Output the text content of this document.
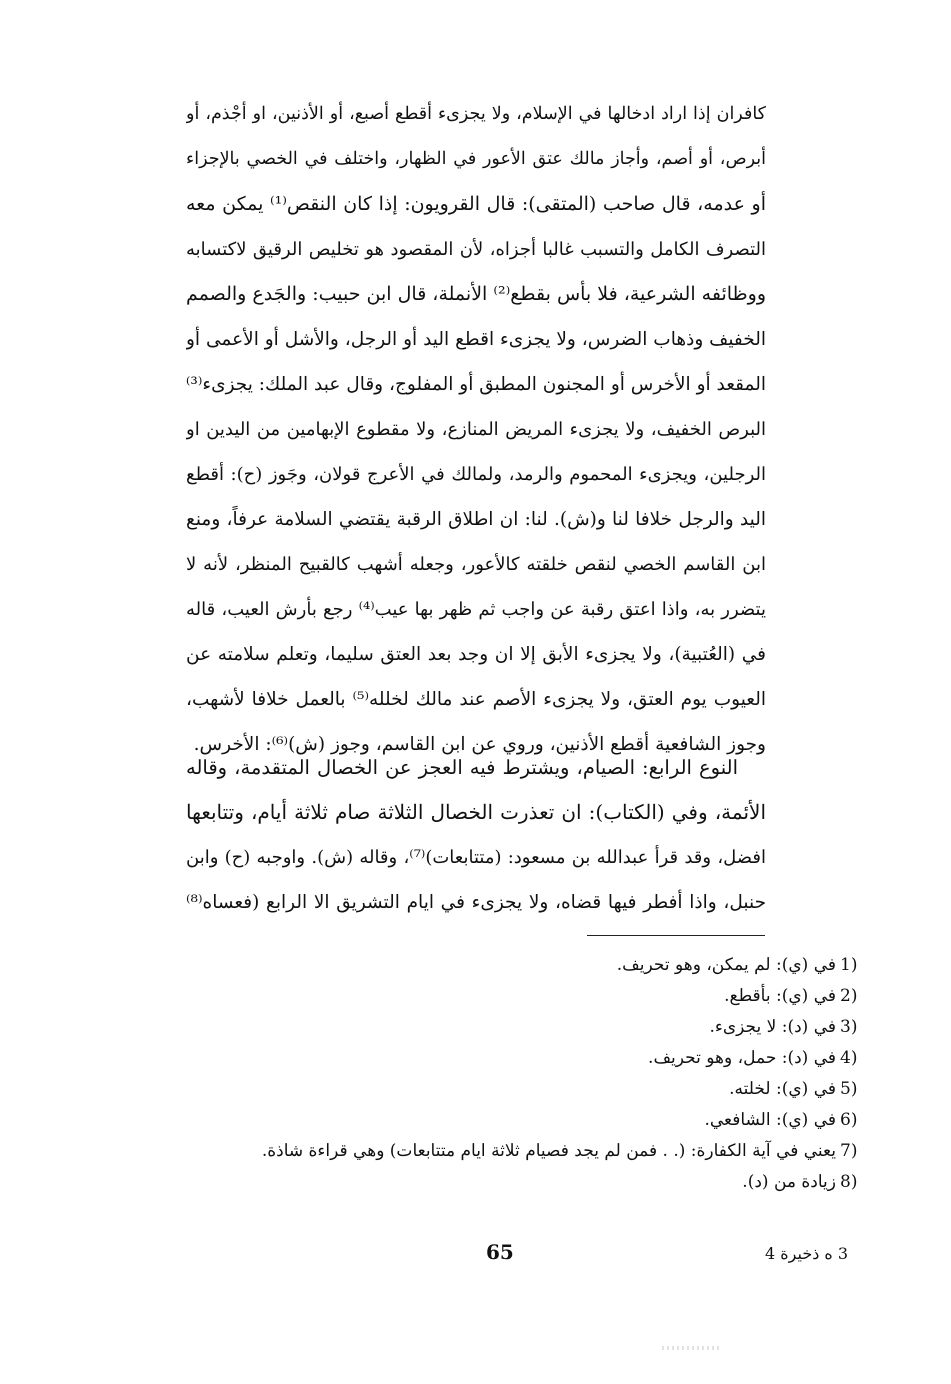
كافران إذا اراد ادخالها في الإسلام، ولا يجزىء أقطع أصبع، أو الأذنين، او أجْذم، أو
أبرص، أو أصم، وأجاز مالك عتق الأعور في الظهار، واختلف في الخصي بالإجزاء
أو عدمه، قال صاحب (المتقى): قال القرويون: إذا كان النقص⁽¹⁾ يمكن معه
التصرف الكامل والتسبب غالبا أجزاه، لأن المقصود هو تخليص الرقيق لاكتسابه
ووظائفه الشرعية، فلا بأس بقطع⁽²⁾ الأنملة، قال ابن حبيب: والجَدع والصمم
الخفيف وذهاب الضرس، ولا يجزىء اقطع اليد أو الرجل، والأشل أو الأعمى أو
المقعد أو الأخرس أو المجنون المطبق أو المفلوج، وقال عبد الملك: يجزىء⁽³⁾
البرص الخفيف، ولا يجزىء المريض المنازع، ولا مقطوع الإبهامين من اليدين او
الرجلين، ويجزىء المحموم والرمد، ولمالك في الأعرج قولان، وجَوز (ح): أقطع
اليد والرجل خلافا لنا و(ش). لنا: ان اطلاق الرقبة يقتضي السلامة عرفاً، ومنع
ابن القاسم الخصي لنقص خلقته كالأعور، وجعله أشهب كالقبيح المنظر، لأنه لا
يتضرر به، واذا اعتق رقبة عن واجب ثم ظهر بها عيب⁽⁴⁾ رجع بأرش العيب، قاله
في (العُتبية)، ولا يجزىء الأبق إلا ان وجد بعد العتق سليما، وتعلم سلامته عن
العيوب يوم العتق، ولا يجزىء الأصم عند مالك لخلله⁽⁵⁾ بالعمل خلافا لأشهب،
وجوز الشافعية أقطع الأذنين، وروي عن ابن القاسم، وجوز (ش)⁽⁶⁾: الأخرس.
النوع الرابع: الصيام، ويشترط فيه العجز عن الخصال المتقدمة، وقاله
الأئمة، وفي (الكتاب): ان تعذرت الخصال الثلاثة صام ثلاثة أيام، وتتابعها
افضل، وقد قرأ عبدالله بن مسعود: (متتابعات)⁽⁷⁾، وقاله (ش). واوجبه (ح) وابن
حنبل، واذا أفطر فيها قضاه، ولا يجزىء في ايام التشريق الا الرابع (فعساه⁽⁸⁾
1)
في (ي): لم يمكن، وهو تحريف.
2)
في (ي): بأقطع.
3)
في (د): لا يجزىء.
4)
في (د): حمل، وهو تحريف.
5)
في (ي): لخلته.
6)
في (ي): الشافعي.
7)
يعني في آية الكفارة: (. . فمن لم يجد فصيام ثلاثة ايام متتابعات) وهي قراءة شاذة.
8)
زيادة من (د).
65	3 ه ذخيرة 4
